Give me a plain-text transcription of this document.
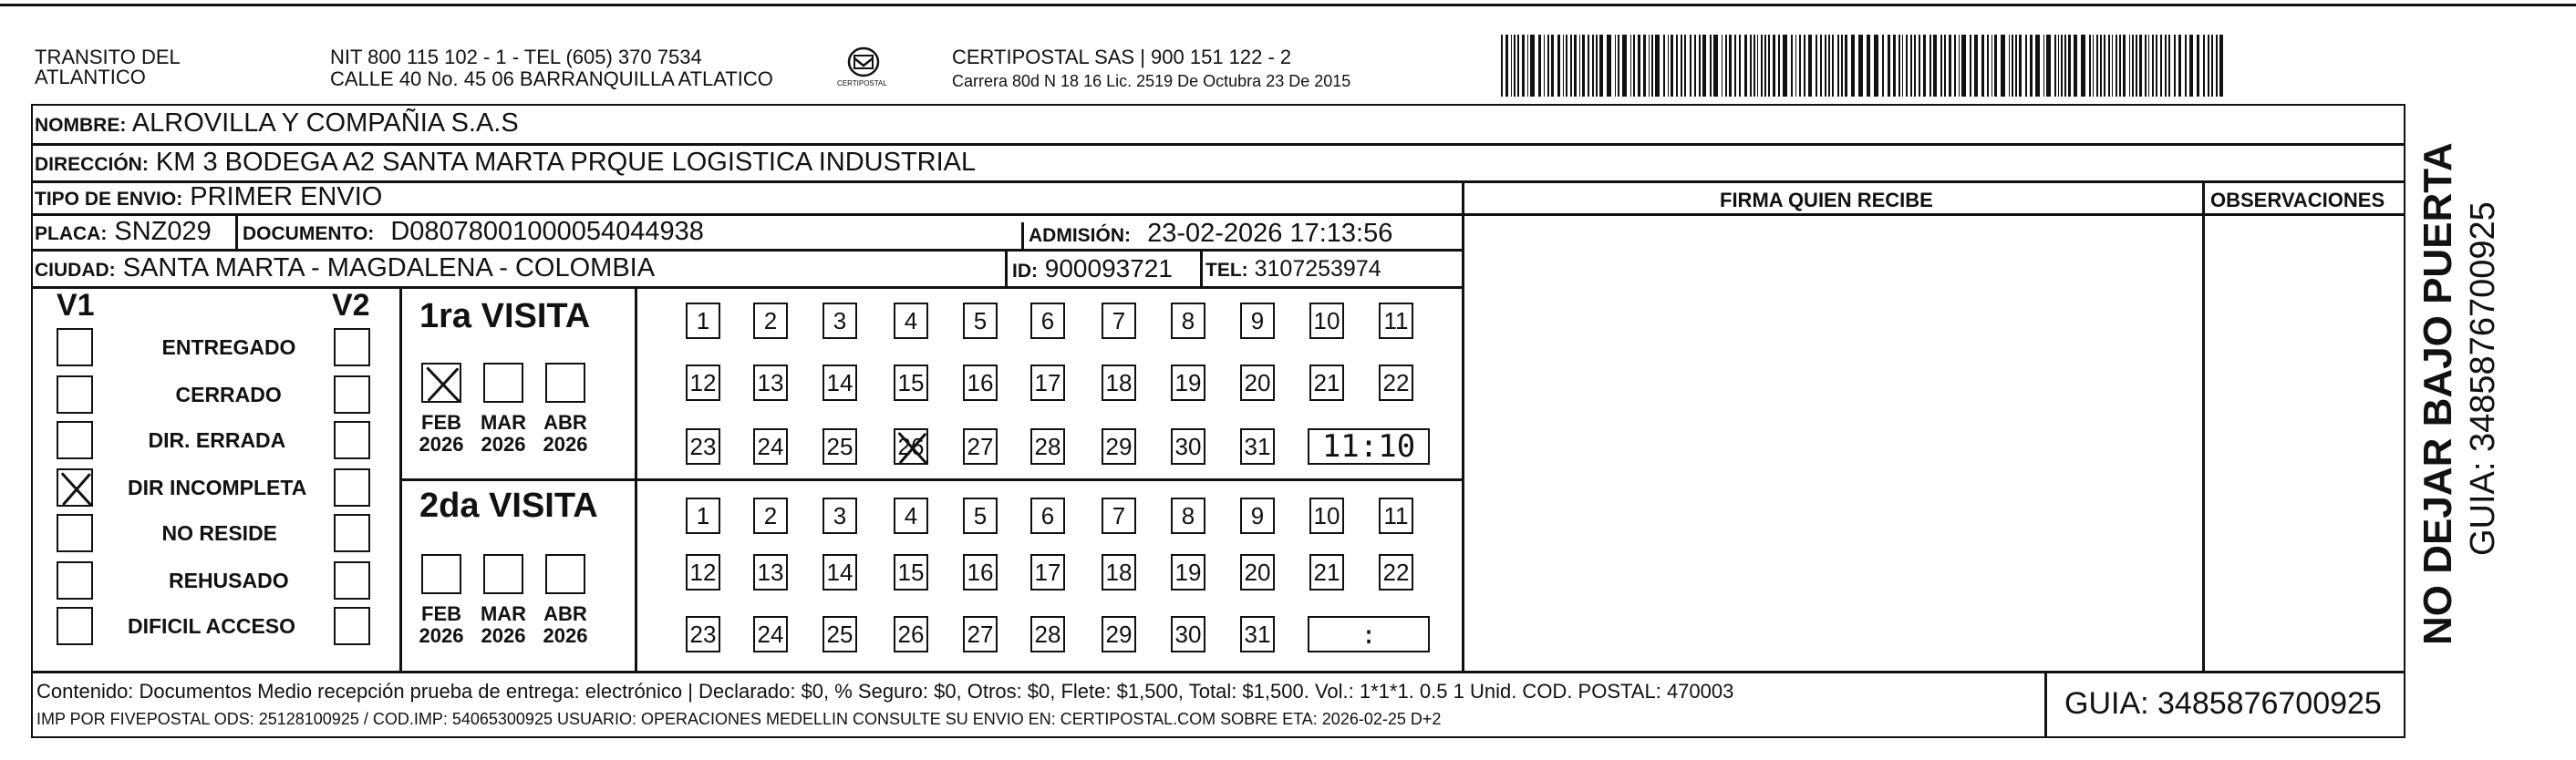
TRANSITO DEL
ATLANTICO
NIT 800 115 102 - 1 - TEL (605) 370 7534
CALLE 40 No. 45 06 BARRANQUILLA ATLATICO	CERTIPOSTAL
CERTIPOSTAL SAS | 900 151 122 - 2
Carrera 80d N 18 16 Lic. 2519 De Octubra 23 De 2015
NOMBRE: ALROVILLA Y COMPAÑIA S.A.S
DIRECCIÓN: KM 3 BODEGA A2 SANTA MARTA PRQUE LOGISTICA INDUSTRIAL
TIPO DE ENVIO: PRIMER ENVIO	FIRMA QUIEN RECIBE	OBSERVACIONES
PLACA: SNZ029 DOCUMENTO: D08078001000054044938	ADMISIÓN: 23-02-2026 17:13:56
CIUDAD: SANTA MARTA - MAGDALENA - COLOMBIA	ID: 900093721 TEL: 3107253974
V1	V2
ENTREGADO
CERRADO
DIR. ERRADA
DIR INCOMPLETA
NO RESIDE
REHUSADO
DIFICIL ACCESO
1ra VISITA
FEB
2026
MAR
2026
ABR
2026
1 2 3 4 5 6 7 8 9 10 11
12 13 14 15 16 17 18 19 20 21 22
23 24 25 26 27 28 29 30 31 11:10
2da VISITA
FEB
2026
MAR
2026
ABR
2026
1 2 3 4 5 6 7 8 9 10 11
12 13 14 15 16 17 18 19 20 21 22
23 24 25 26 27 28 29 30 31	:
Contenido: Documentos Medio recepción prueba de entrega: electrónico | Declarado: $0, % Seguro: $0, Otros: $0, Flete: $1,500, Total: $1,500. Vol.: 1*1*1. 0.5 1 Unid. COD. POSTAL: 470003
IMP POR FIVEPOSTAL ODS: 25128100925 / COD.IMP: 54065300925 USUARIO: OPERACIONES MEDELLIN CONSULTE SU ENVIO EN: CERTIPOSTAL.COM SOBRE ETA: 2026-02-25 D+2	GUIA: 3485876700925
NO DEJAR BAJO PUERTA GUIA: 3485876700925
